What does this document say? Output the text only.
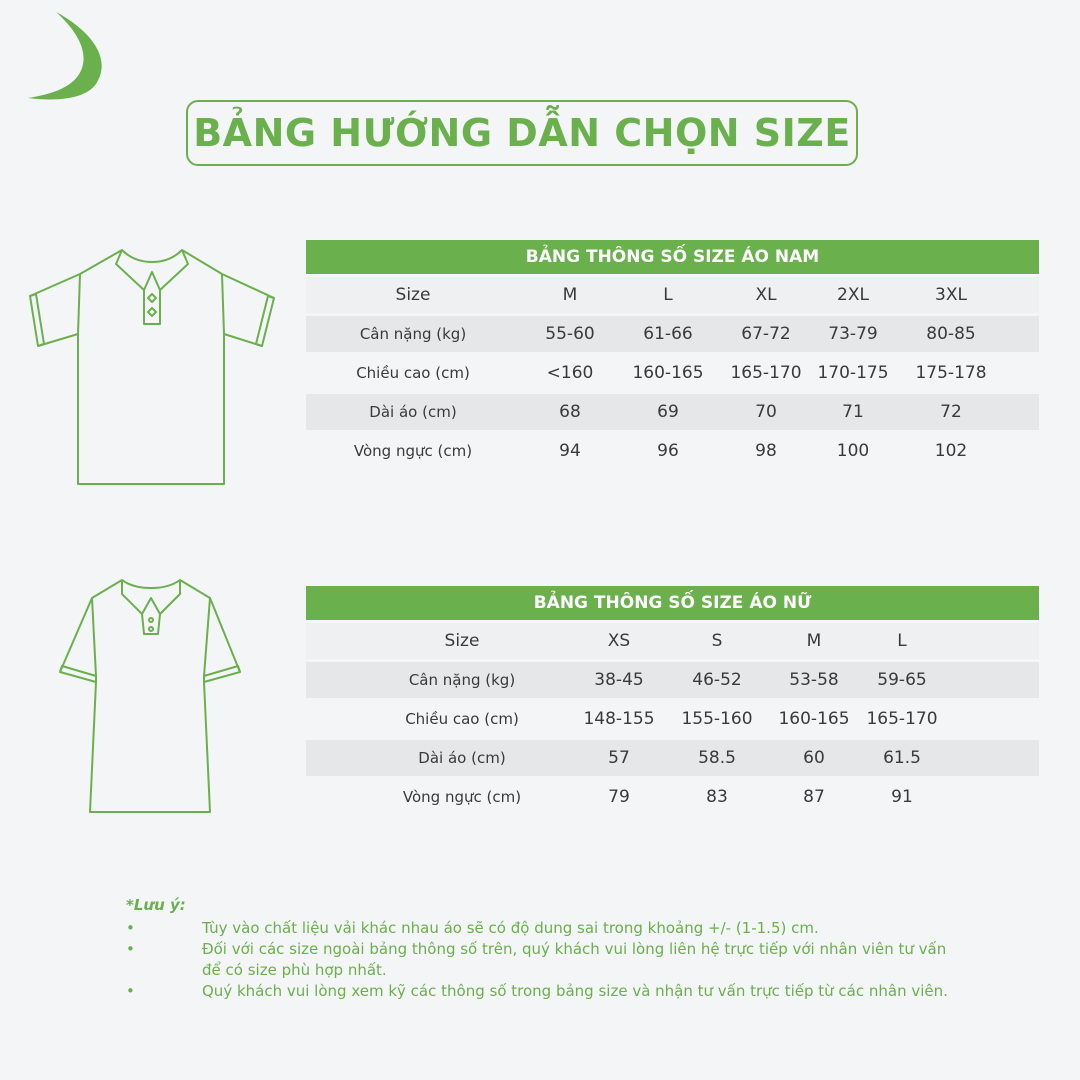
BẢNG HƯỚNG DẪN CHỌN SIZE
BẢNG THÔNG SỐ SIZE ÁO NAM
Size	M	L	XL	2XL	3XL
Cân nặng (kg)	55-60	61-66	67-72 73-79	80-85
Chiều cao (cm)	<160 160-165 165-170 170-175 175-178
Dài áo (cm)	68	69	70	71	72
Vòng ngực (cm)	94	96	98	100	102
BẢNG THÔNG SỐ SIZE ÁO NỮ
Size	XS	S	M	L
Cân nặng (kg)	38-45	46-52	53-58 59-65
Chiều cao (cm)	148-155 155-160 160-165 165-170
Dài áo (cm)	57	58.5	60	61.5
Vòng ngực (cm)	79	83	87	91
*Lưu ý:
•	Tùy vào chất liệu vải khác nhau áo sẽ có độ dung sai trong khoảng +/- (1-1.5) cm.
•	Đối với các size ngoài bảng thông số trên, quý khách vui lòng liên hệ trực tiếp với nhân viên tư vấn
để có size phù hợp nhất.
•	Quý khách vui lòng xem kỹ các thông số trong bảng size và nhận tư vấn trực tiếp từ các nhân viên.
